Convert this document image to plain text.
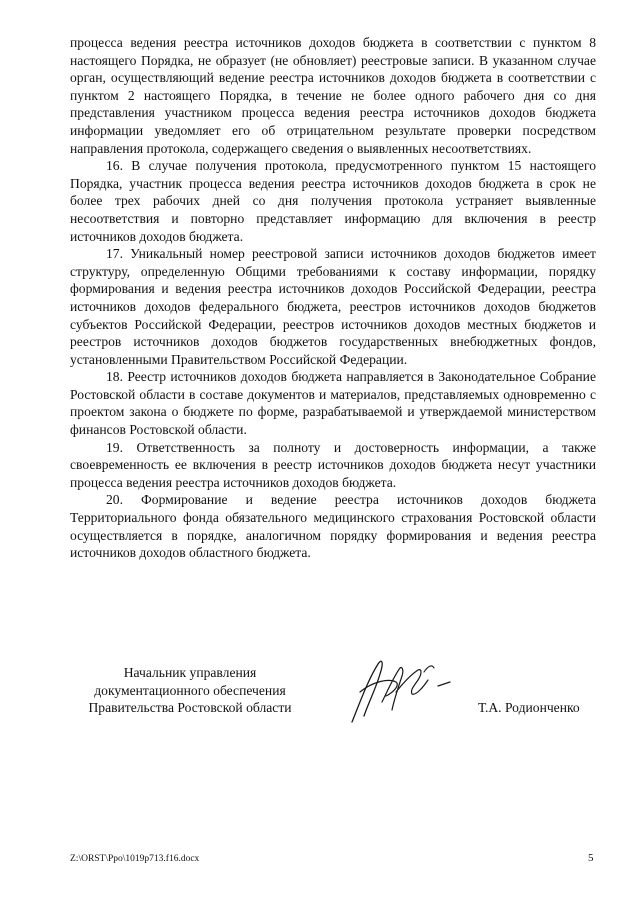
процесса ведения реестра источников доходов бюджета в соответствии с пунктом 8 настоящего Порядка, не образует (не обновляет) реестровые записи. В указанном случае орган, осуществляющий ведение реестра источников доходов бюджета в соответствии с пунктом 2 настоящего Порядка, в течение не более одного рабочего дня со дня представления участником процесса ведения реестра источников доходов бюджета информации уведомляет его об отрицательном результате проверки посредством направления протокола, содержащего сведения о выявленных несоответствиях.

16. В случае получения протокола, предусмотренного пунктом 15 настоящего Порядка, участник процесса ведения реестра источников доходов бюджета в срок не более трех рабочих дней со дня получения протокола устраняет выявленные несоответствия и повторно представляет информацию для включения в реестр источников доходов бюджета.

17. Уникальный номер реестровой записи источников доходов бюджетов имеет структуру, определенную Общими требованиями к составу информации, порядку формирования и ведения реестра источников доходов Российской Федерации, реестра источников доходов федерального бюджета, реестров источников доходов бюджетов субъектов Российской Федерации, реестров источников доходов местных бюджетов и реестров источников доходов бюджетов государственных внебюджетных фондов, установленными Правительством Российской Федерации.

18. Реестр источников доходов бюджета направляется в Законодательное Собрание Ростовской области в составе документов и материалов, представляемых одновременно с проектом закона о бюджете по форме, разрабатываемой и утверждаемой министерством финансов Ростовской области.

19. Ответственность за полноту и достоверность информации, а также своевременность ее включения в реестр источников доходов бюджета несут участники процесса ведения реестра источников доходов бюджета.

20. Формирование и ведение реестра источников доходов бюджета Территориального фонда обязательного медицинского страхования Ростовской области осуществляется в порядке, аналогичном порядку формирования и ведения реестра источников доходов областного бюджета.

Начальник управления
документационного обеспечения
Правительства Ростовской области	Т.А. Родионченко
Z:\ORST\Ppo\1019p713.f16.docx	5
